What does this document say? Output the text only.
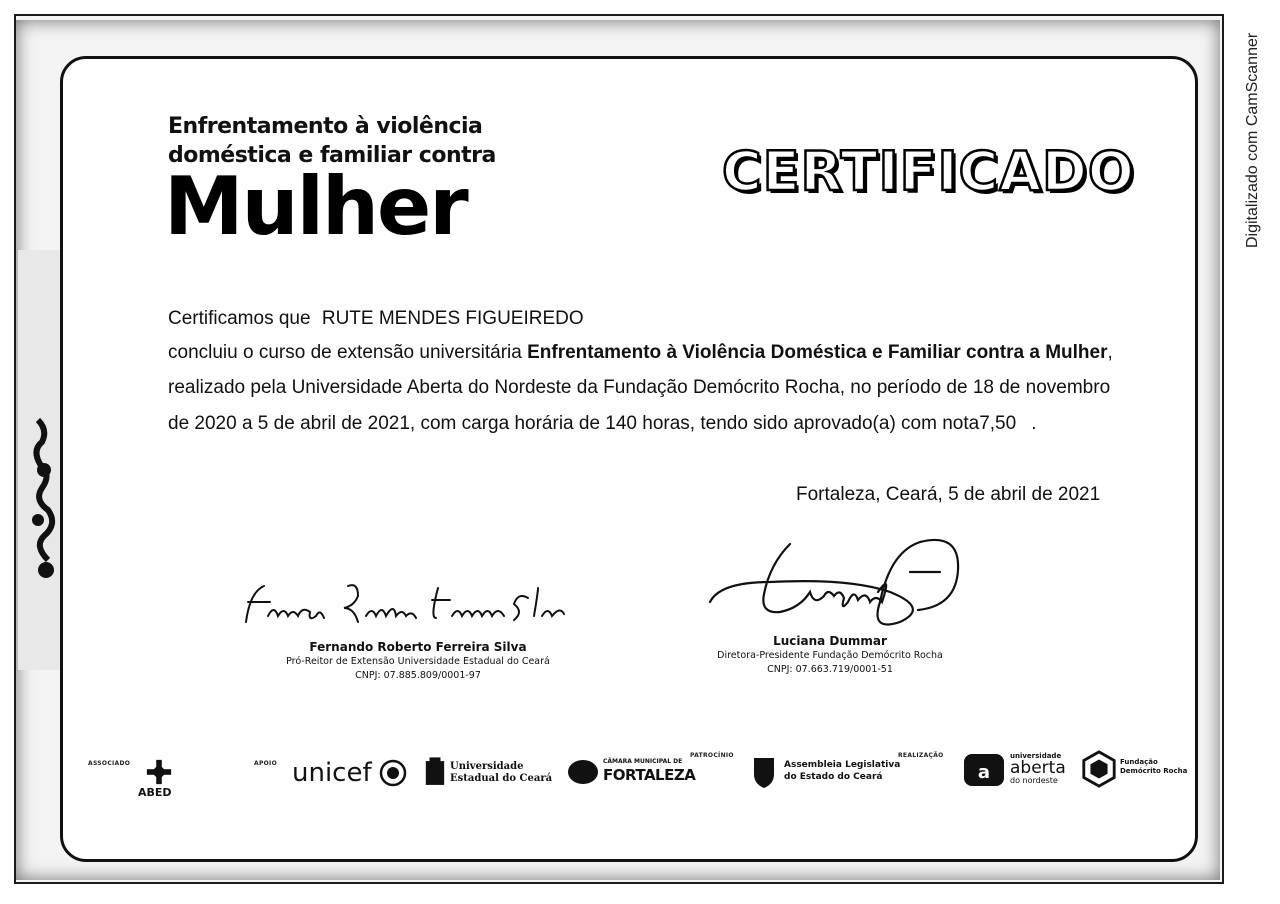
Digitalizado com CamScanner
Enfrentamento à violência
doméstica e familiar contra
Mulher	CERTIFICADO
Certificamos que RUTE MENDES FIGUEIREDO
concluiu o curso de extensão universitária Enfrentamento à Violência Doméstica e Familiar contra a Mulher,
realizado pela Universidade Aberta do Nordeste da Fundação Demócrito Rocha, no período de 18 de novembro
de 2020 a 5 de abril de 2021, com carga horária de 140 horas, tendo sido aprovado(a) com nota7,50 .
Fortaleza, Ceará, 5 de abril de 2021
Fernando Roberto Ferreira Silva
Pró-Reitor de Extensão Universidade Estadual do Ceará
CNPJ: 07.885.809/0001-97
Luciana Dummar
Diretora-Presidente Fundação Demócrito Rocha
CNPJ: 07.663.719/0001-51
ASSOCIADO
ABED
APOIO unicef	Universidade
Estadual do Ceará
CÂMARA MUNICIPAL DE
FORTALEZA
PATROCÍNIO
Assembleia Legislativa
do Estado do Ceará
REALIZAÇÃO
a
universidade
aberta
do nordeste
Fundação
Demócrito Rocha
